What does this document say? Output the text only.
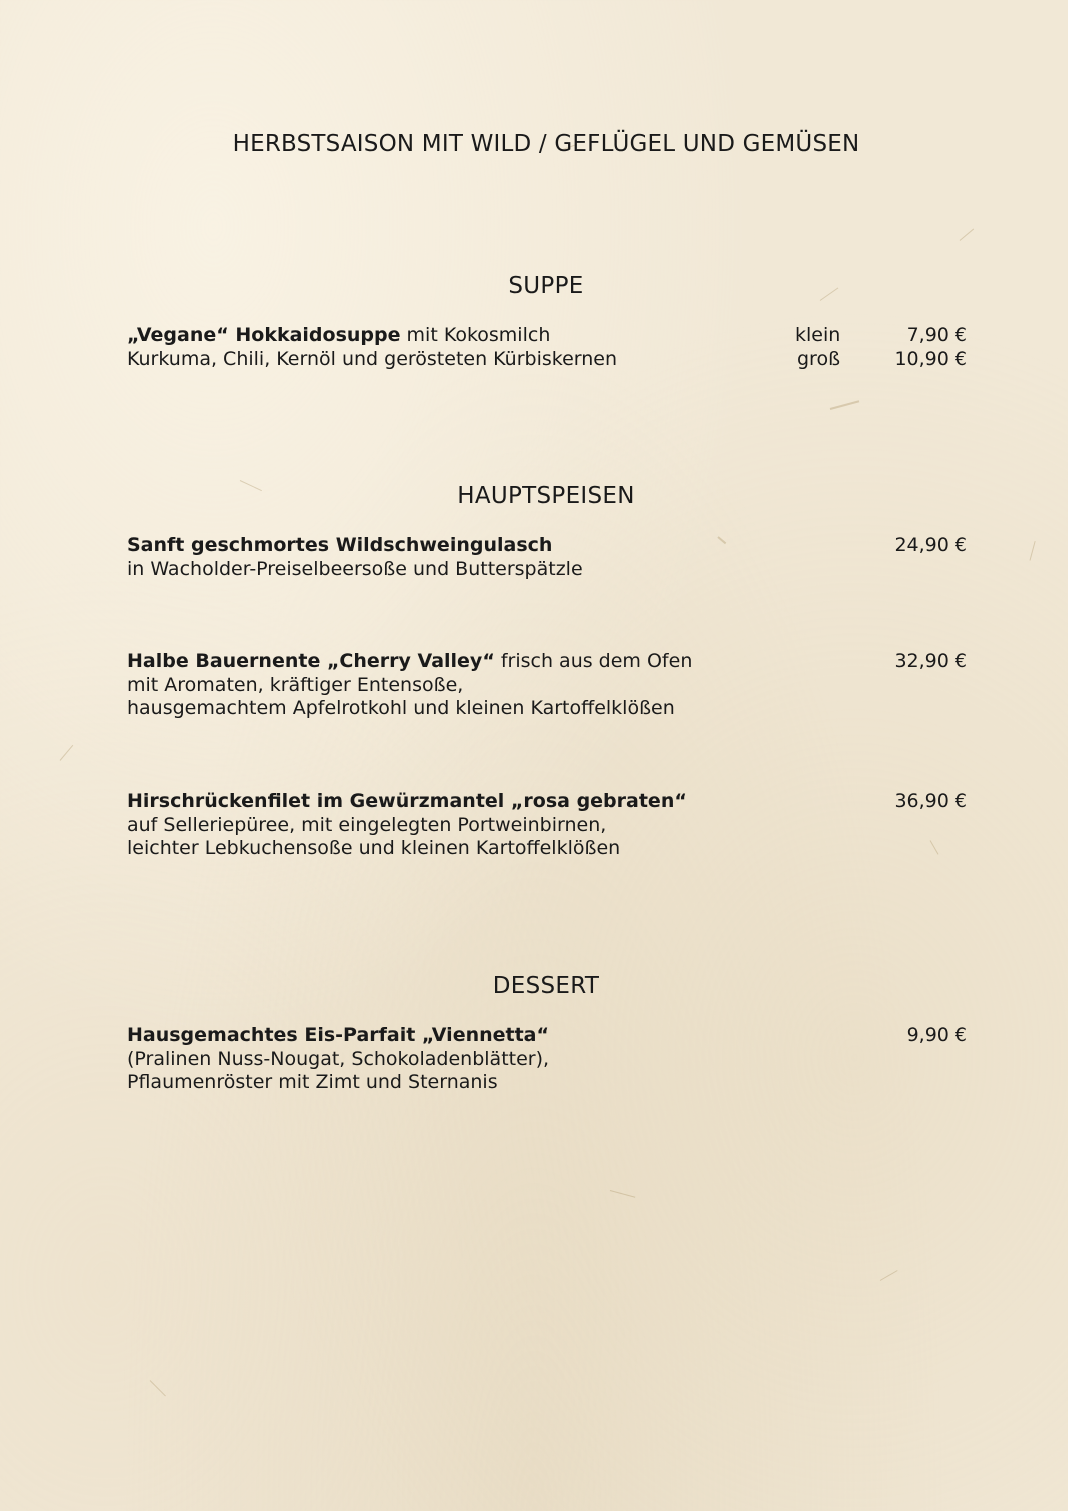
HERBSTSAISON MIT WILD / GEFLÜGEL UND GEMÜSEN
SUPPE
„Vegane“ Hokkaidosuppe mit Kokosmilch
Kurkuma, Chili, Kernöl und gerösteten Kürbiskernen
klein
groß
7,90 €
10,90 €
HAUPTSPEISEN
Sanft geschmortes Wildschweingulasch
in Wacholder-Preiselbeersoße und Butterspätzle
24,90 €
Halbe Bauernente „Cherry Valley“ frisch aus dem Ofen
mit Aromaten, kräftiger Entensoße,
hausgemachtem Apfelrotkohl und kleinen Kartoffelklößen
32,90 €
Hirschrückenfilet im Gewürzmantel „rosa gebraten“
auf Selleriepüree, mit eingelegten Portweinbirnen,
leichter Lebkuchensoße und kleinen Kartoffelklößen
36,90 €
DESSERT
Hausgemachtes Eis-Parfait „Viennetta“
(Pralinen Nuss-Nougat, Schokoladenblätter),
Pflaumenröster mit Zimt und Sternanis
9,90 €
